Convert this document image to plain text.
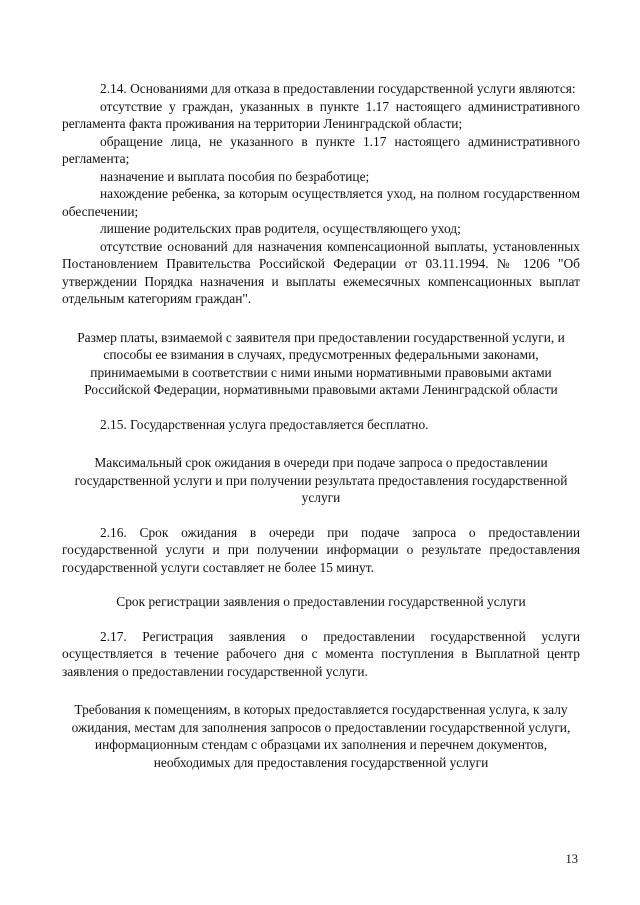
2.14. Основаниями для отказа в предоставлении государственной услуги являются:

отсутствие у граждан, указанных в пункте 1.17 настоящего административного регламента факта проживания на территории Ленинградской области;

обращение лица, не указанного в пункте 1.17 настоящего административного регламента;

назначение и выплата пособия по безработице;

нахождение ребенка, за которым осуществляется уход, на полном государственном обеспечении;

лишение родительских прав родителя, осуществляющего уход;

отсутствие оснований для назначения компенсационной выплаты, установленных Постановлением Правительства Российской Федерации от 03.11.1994. № 1206 "Об утверждении Порядка назначения и выплаты ежемесячных компенсационных выплат отдельным категориям граждан".

Размер платы, взимаемой с заявителя при предоставлении государственной услуги, и способы ее взимания в случаях, предусмотренных федеральными законами, принимаемыми в соответствии с ними иными нормативными правовыми актами Российской Федерации, нормативными правовыми актами Ленинградской области

2.15. Государственная услуга предоставляется бесплатно.

Максимальный срок ожидания в очереди при подаче запроса о предоставлении государственной услуги и при получении результата предоставления государственной услуги

2.16. Срок ожидания в очереди при подаче запроса о предоставлении государственной услуги и при получении информации о результате предоставления государственной услуги составляет не более 15 минут.

Срок регистрации заявления о предоставлении государственной услуги

2.17. Регистрация заявления о предоставлении государственной услуги осуществляется в течение рабочего дня с момента поступления в Выплатной центр заявления о предоставлении государственной услуги.

Требования к помещениям, в которых предоставляется государственная услуга, к залу ожидания, местам для заполнения запросов о предоставлении государственной услуги, информационным стендам с образцами их заполнения и перечнем документов, необходимых для предоставления государственной услуги

13
